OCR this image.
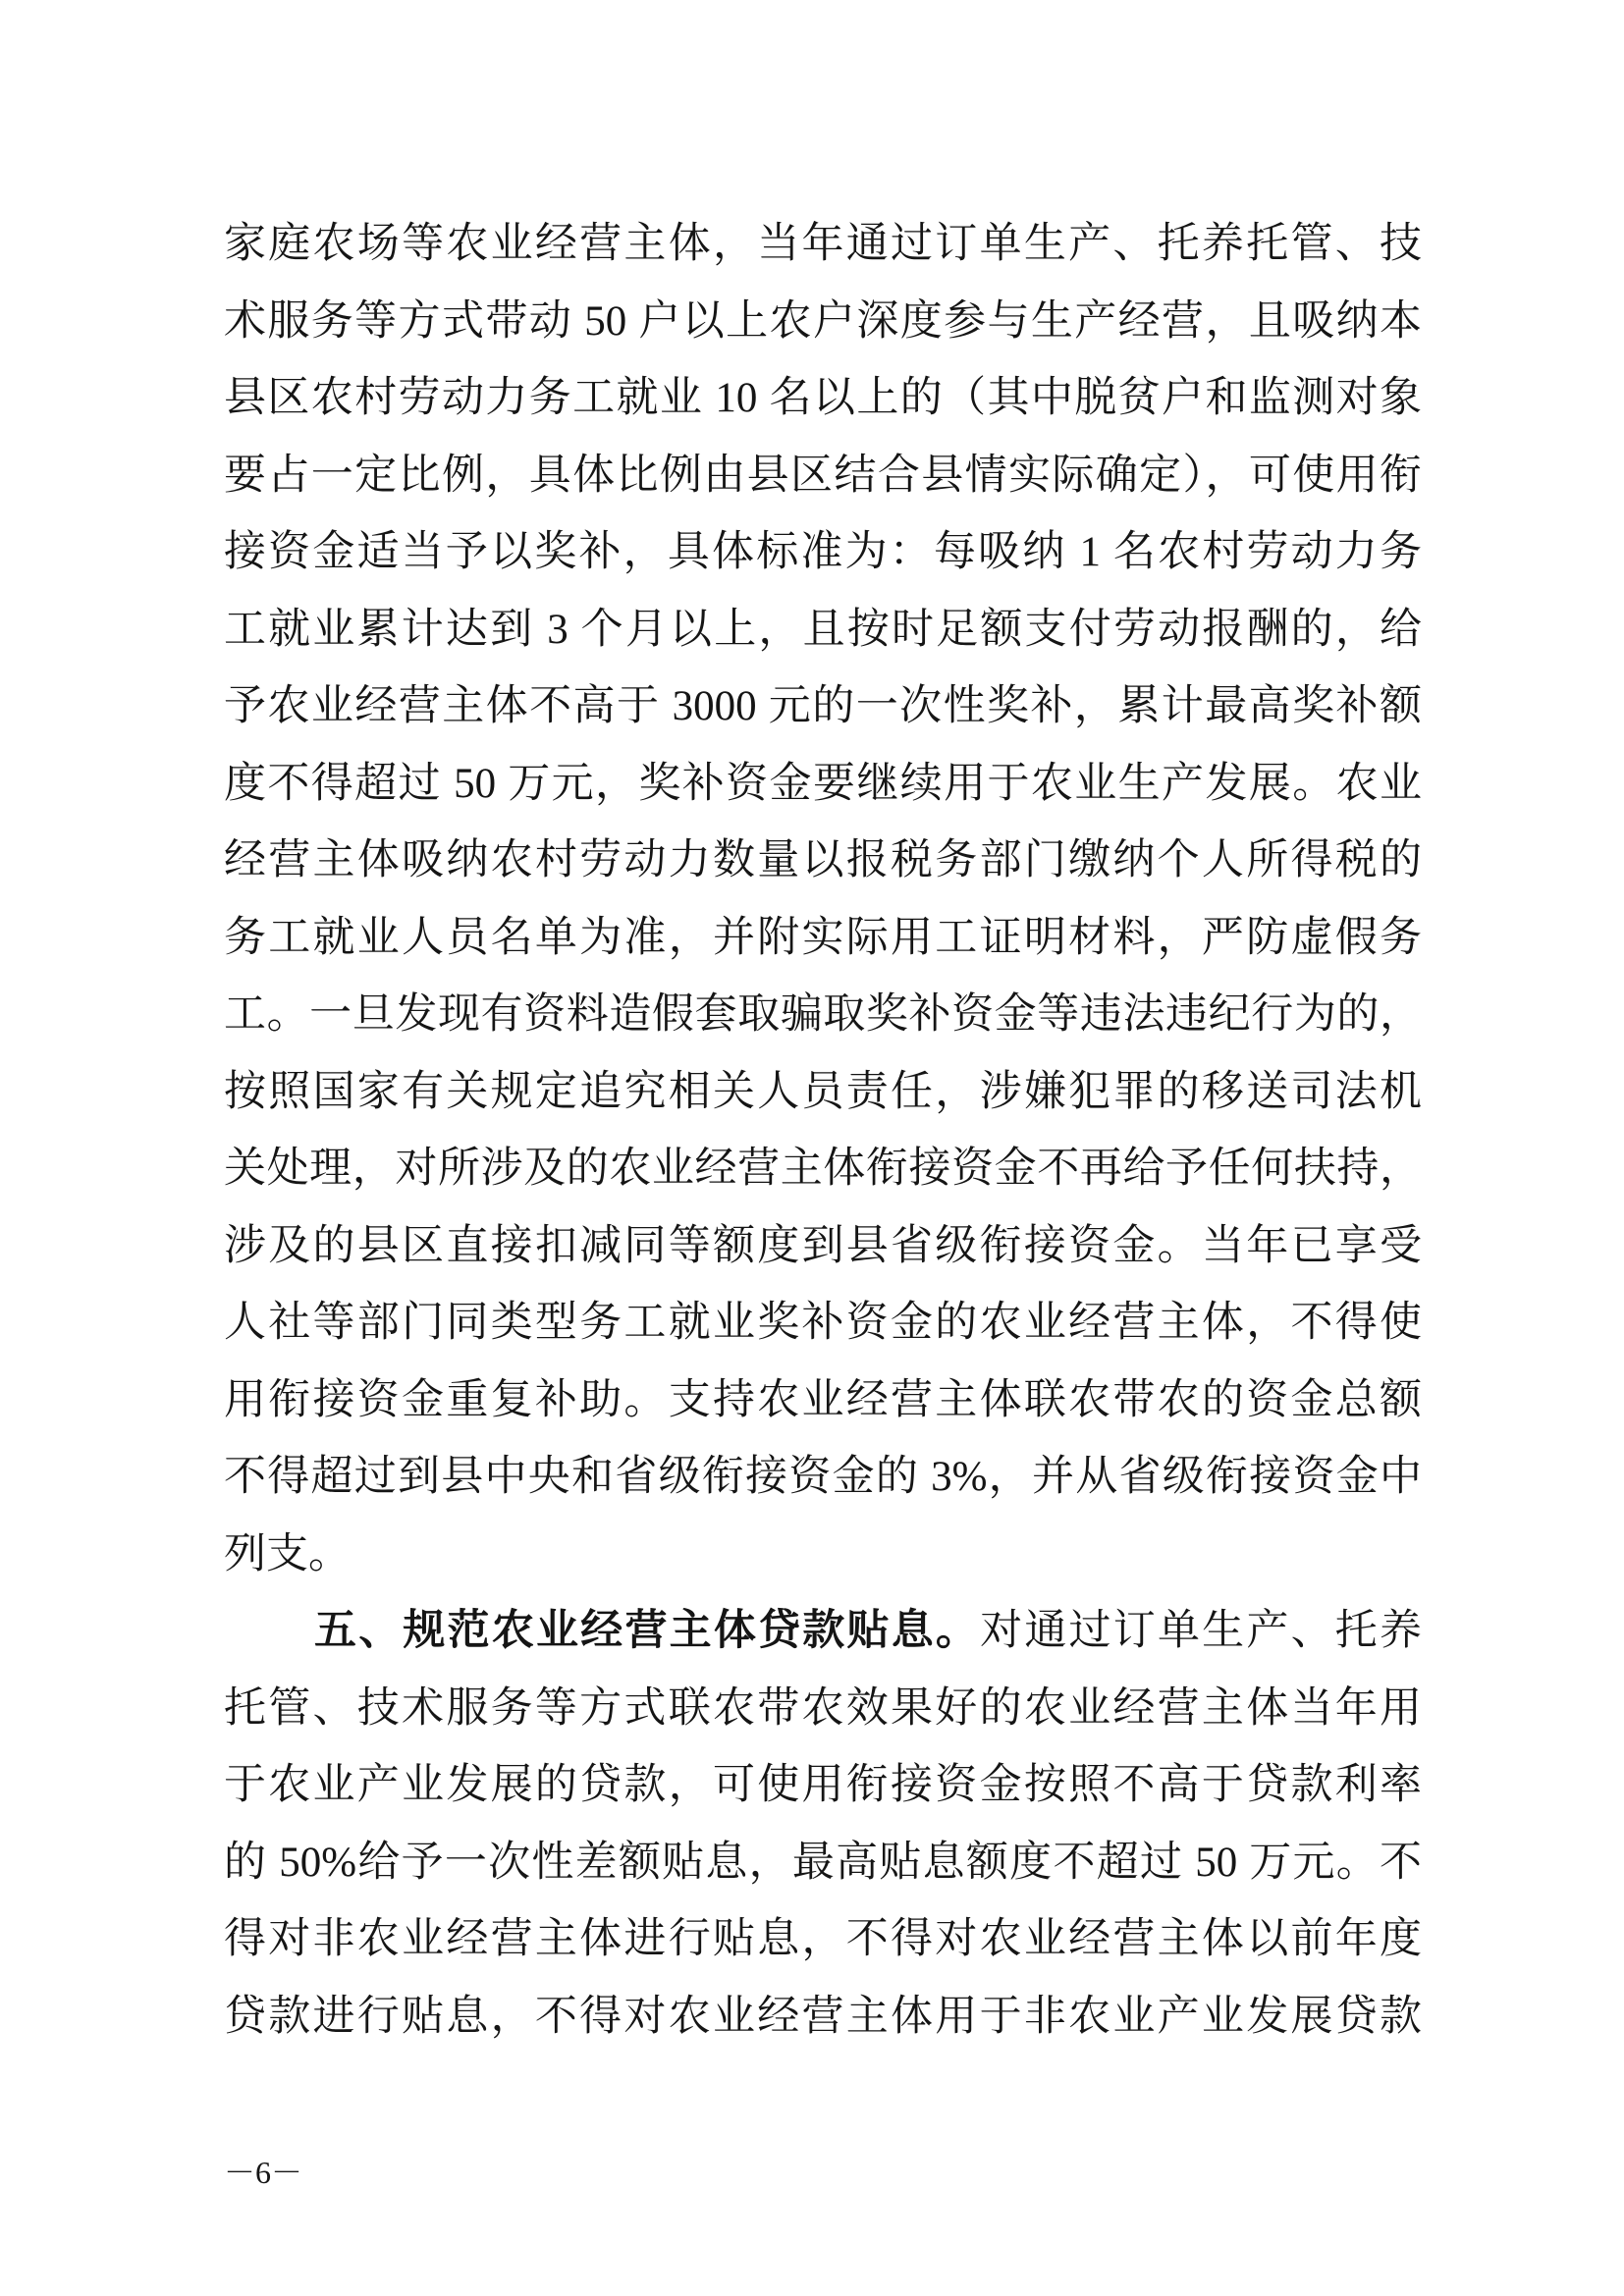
家庭农场等农业经营主体，当年通过订单生产、托养托管、技
术服务等方式带动 50 户以上农户深度参与生产经营，且吸纳本
县区农村劳动力务工就业 10 名以上的（其中脱贫户和监测对象
要占一定比例，具体比例由县区结合县情实际确定），可使用衔
接资金适当予以奖补，具体标准为：每吸纳 1 名农村劳动力务
工就业累计达到 3 个月以上，且按时足额支付劳动报酬的，给
予农业经营主体不高于 3000 元的一次性奖补，累计最高奖补额
度不得超过 50 万元，奖补资金要继续用于农业生产发展。农业
经营主体吸纳农村劳动力数量以报税务部门缴纳个人所得税的
务工就业人员名单为准，并附实际用工证明材料，严防虚假务
工。一旦发现有资料造假套取骗取奖补资金等违法违纪行为的，
按照国家有关规定追究相关人员责任，涉嫌犯罪的移送司法机
关处理，对所涉及的农业经营主体衔接资金不再给予任何扶持，
涉及的县区直接扣减同等额度到县省级衔接资金。当年已享受
人社等部门同类型务工就业奖补资金的农业经营主体，不得使
用衔接资金重复补助。支持农业经营主体联农带农的资金总额
不得超过到县中央和省级衔接资金的 3%，并从省级衔接资金中
列支。
五、规范农业经营主体贷款贴息。对通过订单生产、托养
托管、技术服务等方式联农带农效果好的农业经营主体当年用
于农业产业发展的贷款，可使用衔接资金按照不高于贷款利率
的 50%给予一次性差额贴息，最高贴息额度不超过 50 万元。不
得对非农业经营主体进行贴息，不得对农业经营主体以前年度
贷款进行贴息，不得对农业经营主体用于非农业产业发展贷款
－6－
